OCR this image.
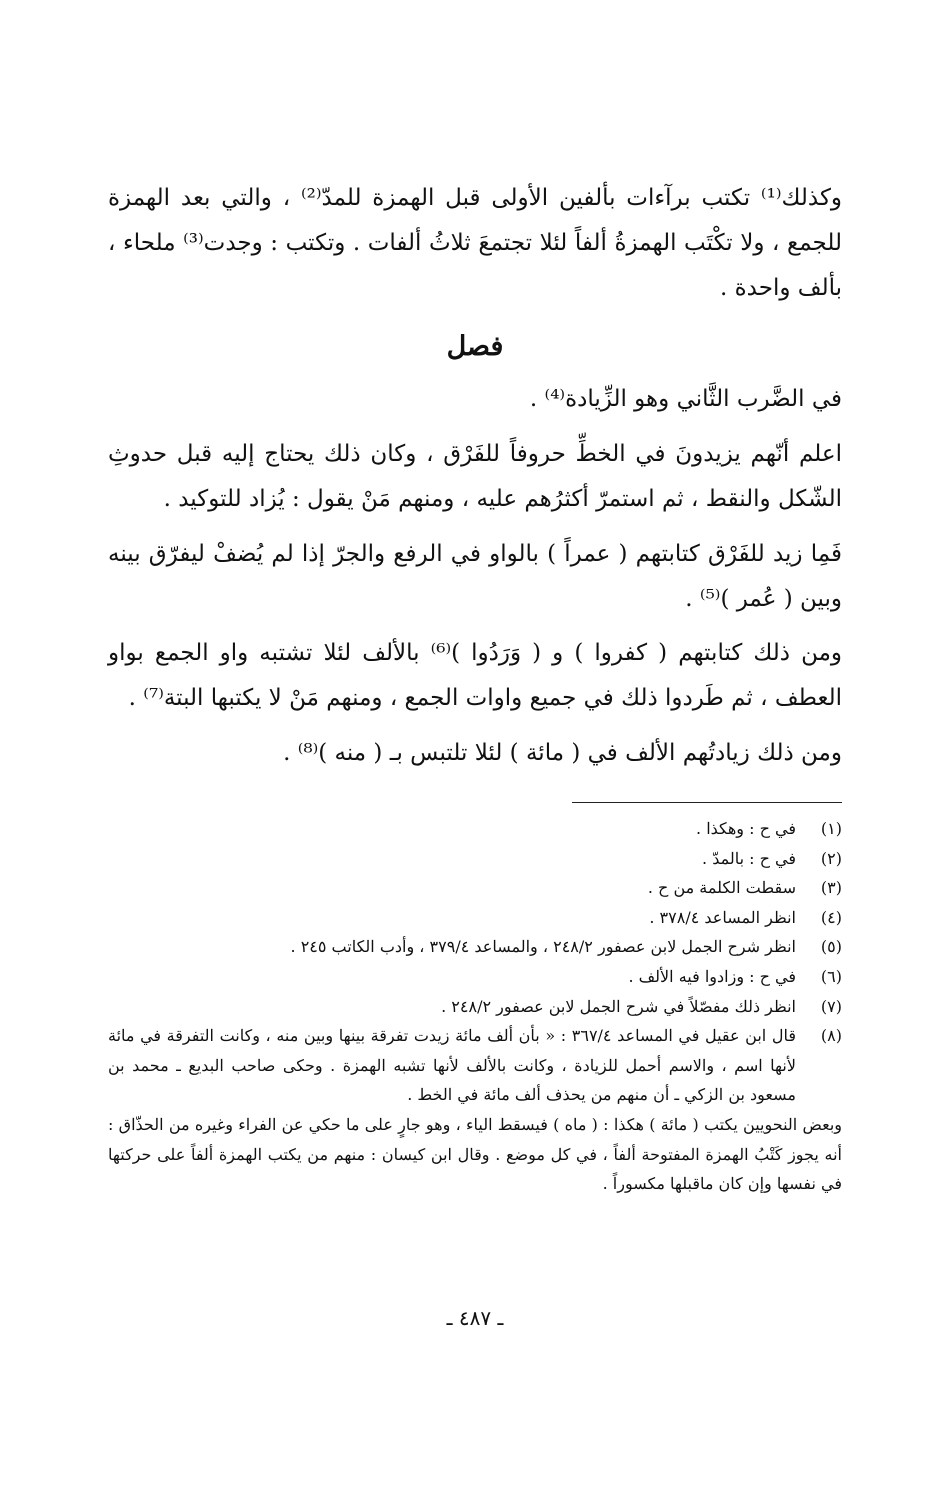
وكذلك⁽¹⁾ تكتب برآءات بألفين الأولى قبل الهمزة للمدّ⁽²⁾ ، والتي بعد الهمزة للجمع ، ولا تكْتَب الهمزةُ ألفاً لئلا تجتمعَ ثلاثُ ألفات . وتكتب : وجدت⁽³⁾ ملحاء ، بألف واحدة .

فصل

في الضَّرب الثَّاني وهو الزِّيادة⁽⁴⁾ .

اعلم أنّهم يزيدونَ في الخطِّ حروفاً للفَرْق ، وكان ذلك يحتاج إليه قبل حدوثِ الشّكل والنقط ، ثم استمرّ أكثرُهم عليه ، ومنهم مَنْ يقول : يُزاد للتوكيد .

فَمِا زيد للفَرْق كتابتهم ( عمراً ) بالواو في الرفع والجرّ إذا لم يُضفْ ليفرّق بينه وبين ( عُمر )⁽⁵⁾ .

ومن ذلك كتابتهم ( كفروا ) و ( وَرَدُوا )⁽⁶⁾ بالألف لئلا تشتبه واو الجمع بواو العطف ، ثم طَردوا ذلك في جميع واوات الجمع ، ومنهم مَنْ لا يكتبها البتة⁽⁷⁾ .

ومن ذلك زيادتُهم الألف في ( مائة ) لئلا تلتبس بـ ( منه )⁽⁸⁾ .

(١)
في ح : وهكذا .
(٢)
في ح : بالمدّ .
(٣)
سقطت الكلمة من ح .
(٤)
انظر المساعد ٣٧٨/٤ .
(٥)
انظر شرح الجمل لابن عصفور ٢٤٨/٢ ، والمساعد ٣٧٩/٤ ، وأدب الكاتب ٢٤٥ .
(٦)
في ح : وزادوا فيه الألف .
(٧)
انظر ذلك مفصّلاً في شرح الجمل لابن عصفور ٢٤٨/٢ .
(٨)
قال ابن عقيل في المساعد ٣٦٧/٤ : « بأن ألف مائة زيدت تفرقة بينها وبين منه ، وكانت التفرقة في مائة لأنها اسم ، والاسم أحمل للزيادة ، وكانت بالألف لأنها تشبه الهمزة . وحكى صاحب البديع ـ محمد بن مسعود بن الزكي ـ أن منهم من يحذف ألف مائة في الخط .
وبعض النحويين يكتب ( مائة ) هكذا : ( ماه ) فيسقط الياء ، وهو جارٍ على ما حكي عن الفراء وغيره من الحذّاق : أنه يجوز كَتْبُ الهمزة المفتوحة ألفاً ، في كل موضع . وقال ابن كيسان : منهم من يكتب الهمزة ألفاً على حركتها في نفسها وإن كان ماقبلها مكسوراً .
ـ ٤٨٧ ـ
